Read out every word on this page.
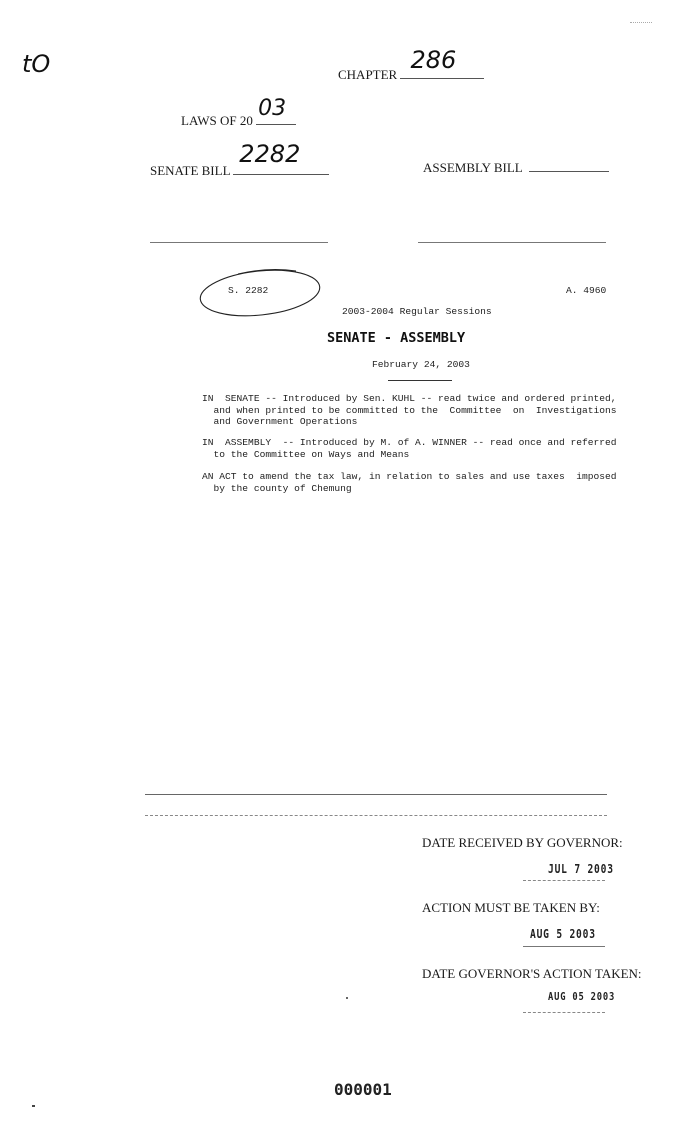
tO	CHAPTER
286
LAWS OF 20 03
SENATE BILL
2282	ASSEMBLY BILL
S. 2282	A. 4960
2003-2004 Regular Sessions
SENATE - ASSEMBLY
February 24, 2003
IN  SENATE -- Introduced by Sen. KUHL -- read twice and ordered printed,
and when printed to be committed to the  Committee  on  Investigations
and Government Operations
IN  ASSEMBLY  -- Introduced by M. of A. WINNER -- read once and referred
to the Committee on Ways and Means
AN ACT to amend the tax law, in relation to sales and use taxes  imposed
by the county of Chemung
DATE RECEIVED BY GOVERNOR:
JUL 7 2003
ACTION MUST BE TAKEN BY:
AUG 5 2003
DATE GOVERNOR'S ACTION TAKEN:
AUG 05 2003
000001
